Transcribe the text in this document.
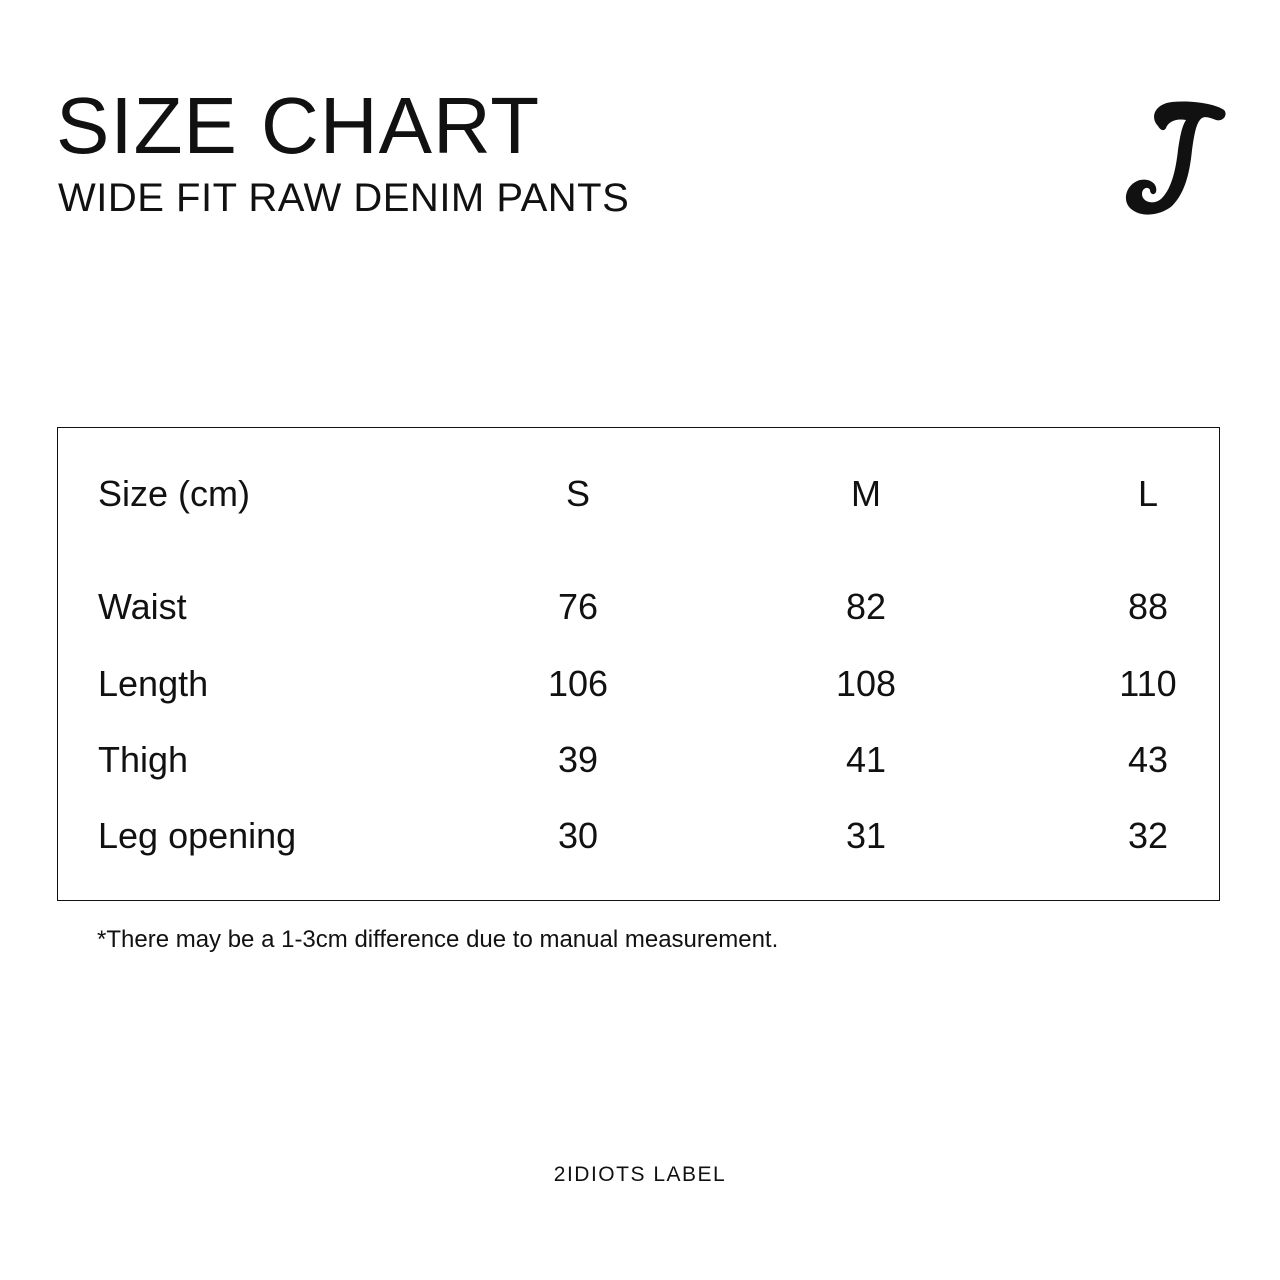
SIZE CHART
WIDE FIT RAW DENIM PANTS
Size (cm)	S	M	L
Waist	76	82	88
Length	106	108	110
Thigh	39	41	43
Leg opening	30	31	32
*There may be a 1-3cm difference due to manual measurement.
2IDIOTS LABEL
